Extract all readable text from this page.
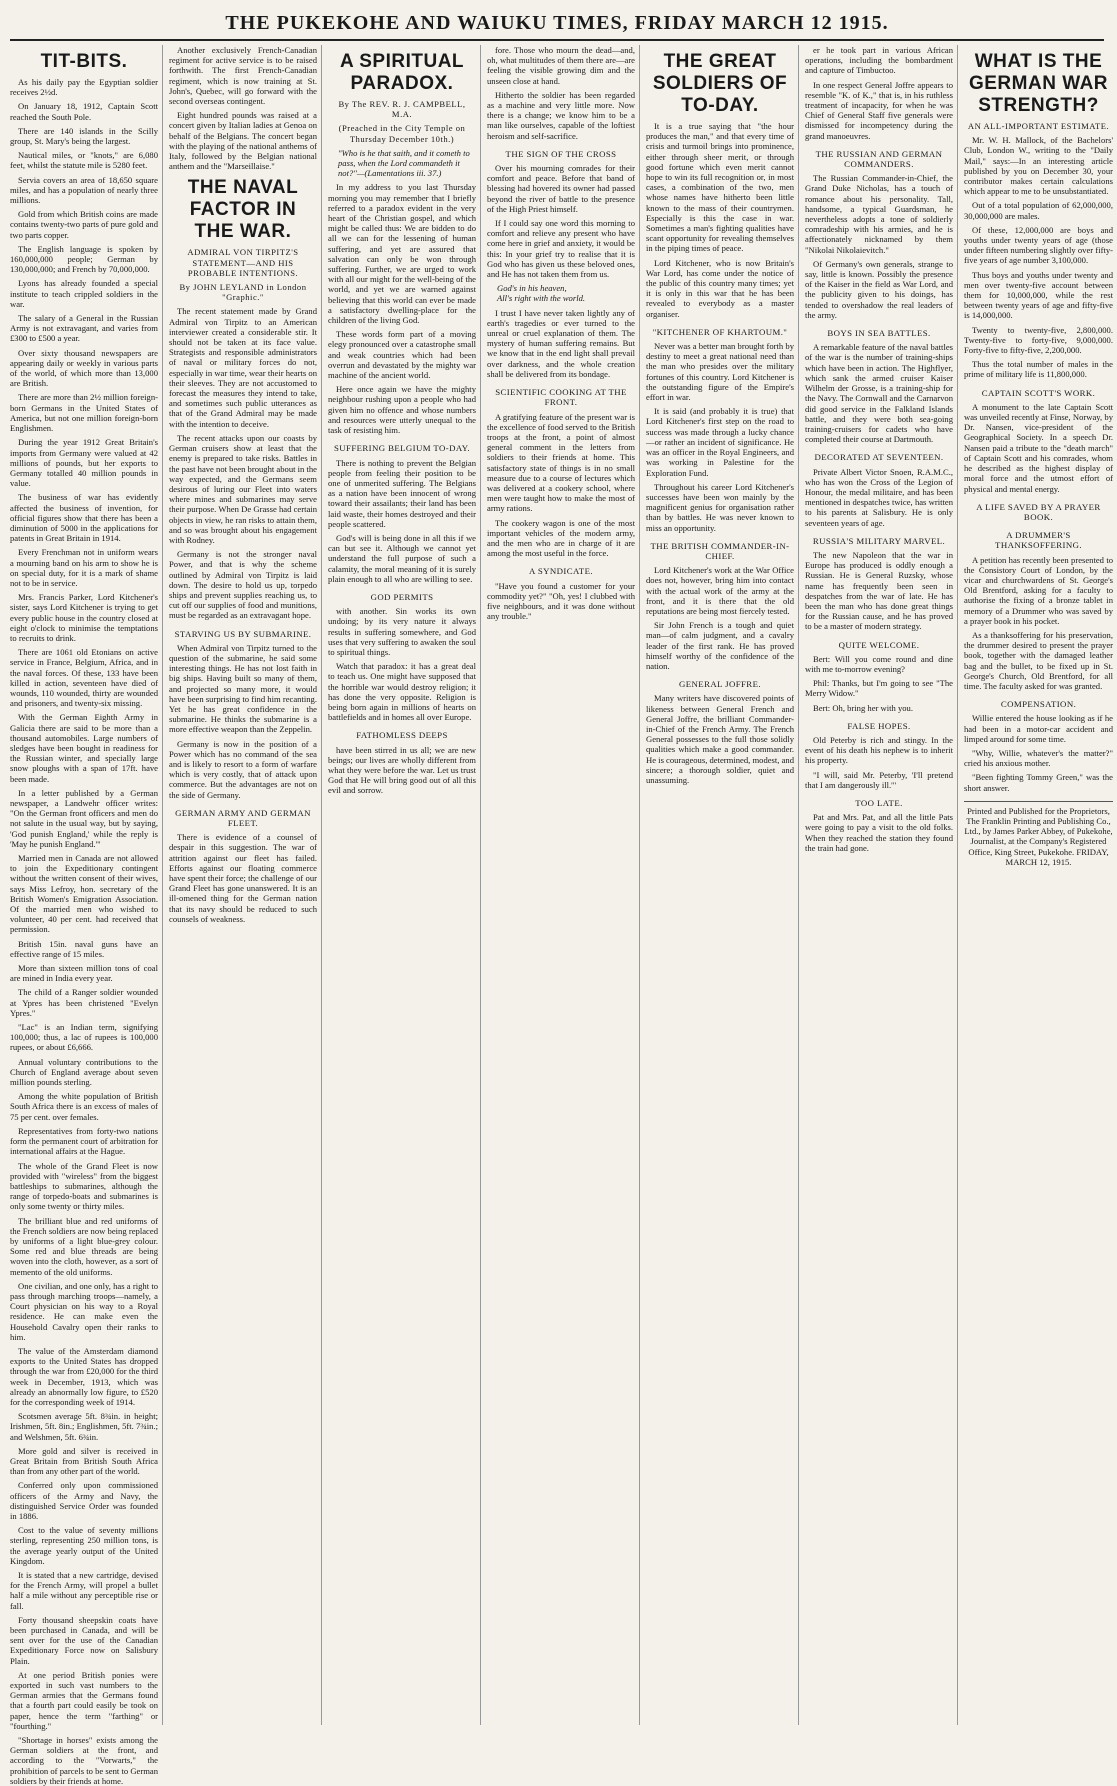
THE PUKEKOHE AND WAIUKU TIMES, FRIDAY MARCH 12 1915.
TIT-BITS.

As his daily pay the Egyptian soldier receives 2½d.

On January 18, 1912, Captain Scott reached the South Pole.

There are 140 islands in the Scilly group, St. Mary's being the largest.

Nautical miles, or "knots," are 6,080 feet, whilst the statute mile is 5280 feet.

Servia covers an area of 18,650 square miles, and has a population of nearly three millions.

Gold from which British coins are made contains twenty-two parts of pure gold and two parts copper.

The English language is spoken by 160,000,000 people; German by 130,000,000; and French by 70,000,000.

Lyons has already founded a special institute to teach crippled soldiers in the war.

The salary of a General in the Russian Army is not extravagant, and varies from £300 to £500 a year.

Over sixty thousand newspapers are appearing daily or weekly in various parts of the world, of which more than 13,000 are British.

There are more than 2½ million foreign-born Germans in the United States of America, but not one million foreign-born Englishmen.

During the year 1912 Great Britain's imports from Germany were valued at 42 millions of pounds, but her exports to Germany totalled 40 million pounds in value.

The business of war has evidently affected the business of invention, for official figures show that there has been a diminution of 5000 in the applications for patents in Great Britain in 1914.

Every Frenchman not in uniform wears a mourning band on his arm to show he is on special duty, for it is a mark of shame not to be in service.

Mrs. Francis Parker, Lord Kitchener's sister, says Lord Kitchener is trying to get every public house in the country closed at eight o'clock to minimise the temptations to recruits to drink.

There are 1061 old Etonians on active service in France, Belgium, Africa, and in the naval forces. Of these, 133 have been killed in action, seventeen have died of wounds, 110 wounded, thirty are wounded and prisoners, and twenty-six missing.

With the German Eighth Army in Galicia there are said to be more than a thousand automobiles. Large numbers of sledges have been bought in readiness for the Russian winter, and specially large snow ploughs with a span of 17ft. have been made.

In a letter published by a German newspaper, a Landwehr officer writes: "On the German front officers and men do not salute in the usual way, but by saying, 'God punish England,' while the reply is 'May he punish England.'"

Married men in Canada are not allowed to join the Expeditionary contingent without the written consent of their wives, says Miss Lefroy, hon. secretary of the British Women's Emigration Association. Of the married men who wished to volunteer, 40 per cent. had received that permission.

British 15in. naval guns have an effective range of 15 miles.

More than sixteen million tons of coal are mined in India every year.

The child of a Ranger soldier wounded at Ypres has been christened "Evelyn Ypres."

"Lac" is an Indian term, signifying 100,000; thus, a lac of rupees is 100,000 rupees, or about £6,666.

Annual voluntary contributions to the Church of England average about seven million pounds sterling.

Among the white population of British South Africa there is an excess of males of 75 per cent. over females.

Representatives from forty-two nations form the permanent court of arbitration for international affairs at the Hague.

The whole of the Grand Fleet is now provided with "wireless" from the biggest battleships to submarines, although the range of torpedo-boats and submarines is only some twenty or thirty miles.

The brilliant blue and red uniforms of the French soldiers are now being replaced by uniforms of a light blue-grey colour. Some red and blue threads are being woven into the cloth, however, as a sort of memento of the old uniforms.

One civilian, and one only, has a right to pass through marching troops—namely, a Court physician on his way to a Royal residence. He can make even the Household Cavalry open their ranks to him.

The value of the Amsterdam diamond exports to the United States has dropped through the war from £20,000 for the third week in December, 1913, which was already an abnormally low figure, to £520 for the corresponding week of 1914.

Scotsmen average 5ft. 8¾in. in height; Irishmen, 5ft. 8in.; Englishmen, 5ft. 7¾in.; and Welshmen, 5ft. 6¾in.

More gold and silver is received in Great Britain from British South Africa than from any other part of the world.

Conferred only upon commissioned officers of the Army and Navy, the distinguished Service Order was founded in 1886.

Cost to the value of seventy millions sterling, representing 250 million tons, is the average yearly output of the United Kingdom.

It is stated that a new cartridge, devised for the French Army, will propel a bullet half a mile without any perceptible rise or fall.

Forty thousand sheepskin coats have been purchased in Canada, and will be sent over for the use of the Canadian Expeditionary Force now on Salisbury Plain.

At one period British ponies were exported in such vast numbers to the German armies that the Germans found that a fourth part could easily be took on paper, hence the term "farthing" or "fourthing."

"Shortage in horses" exists among the German soldiers at the front, and according to the "Vorwarts," the prohibition of parcels to be sent to German soldiers by their friends at home.

Another exclusively French-Canadian regiment for active service is to be raised forthwith. The first French-Canadian regiment, which is now training at St. John's, Quebec, will go forward with the second overseas contingent.

Eight hundred pounds was raised at a concert given by Italian ladies at Genoa on behalf of the Belgians. The concert began with the playing of the national anthems of Italy, followed by the Belgian national anthem and the "Marseillaise."

THE NAVAL FACTOR IN THE WAR.
ADMIRAL VON TIRPITZ'S STATEMENT—AND HIS PROBABLE INTENTIONS.
By JOHN LEYLAND in London "Graphic."

The recent statement made by Grand Admiral von Tirpitz to an American interviewer created a considerable stir. It should not be taken at its face value. Strategists and responsible administrators of naval or military forces do not, especially in war time, wear their hearts on their sleeves. They are not accustomed to forecast the measures they intend to take, and sometimes such public utterances as that of the Grand Admiral may be made with the intention to deceive.

The recent attacks upon our coasts by German cruisers show at least that the enemy is prepared to take risks. Battles in the past have not been brought about in the way expected, and the Germans seem desirous of luring our Fleet into waters where mines and submarines may serve their purpose. When De Grasse had certain objects in view, he ran risks to attain them, and so was brought about his engagement with Rodney.

Germany is not the stronger naval Power, and that is why the scheme outlined by Admiral von Tirpitz is laid down. The desire to hold us up, torpedo ships and prevent supplies reaching us, to cut off our supplies of food and munitions, must be regarded as an extravagant hope.

STARVING US BY SUBMARINE.

When Admiral von Tirpitz turned to the question of the submarine, he said some interesting things. He has not lost faith in big ships. Having built so many of them, and projected so many more, it would have been surprising to find him recanting. Yet he has great confidence in the submarine. He thinks the submarine is a more effective weapon than the Zeppelin.

Germany is now in the position of a Power which has no command of the sea and is likely to resort to a form of warfare which is very costly, that of attack upon commerce. But the advantages are not on the side of Germany.

GERMAN ARMY AND GERMAN FLEET.

There is evidence of a counsel of despair in this suggestion. The war of attrition against our fleet has failed. Efforts against our floating commerce have spent their force; the challenge of our Grand Fleet has gone unanswered. It is an ill-omened thing for the German nation that its navy should be reduced to such counsels of weakness.

A SPIRITUAL PARADOX.
By The REV. R. J. CAMPBELL, M.A.
(Preached in the City Temple on Thursday December 10th.)
"Who is he that saith, and it cometh to pass, when the Lord commandeth it not?"—(Lamentations iii. 37.)

In my address to you last Thursday morning you may remember that I briefly referred to a paradox evident in the very heart of the Christian gospel, and which might be called thus: We are bidden to do all we can for the lessening of human suffering, and yet are assured that salvation can only be won through suffering. Further, we are urged to work with all our might for the well-being of the world, and yet we are warned against believing that this world can ever be made a satisfactory dwelling-place for the children of the living God.

These words form part of a moving elegy pronounced over a catastrophe small and weak countries which had been overrun and devastated by the mighty war machine of the ancient world.

Here once again we have the mighty neighbour rushing upon a people who had given him no offence and whose numbers and resources were utterly unequal to the task of resisting him.

SUFFERING BELGIUM TO-DAY.

There is nothing to prevent the Belgian people from feeling their position to be one of unmerited suffering. The Belgians as a nation have been innocent of wrong toward their assailants; their land has been laid waste, their homes destroyed and their people scattered.

God's will is being done in all this if we can but see it. Although we cannot yet understand the full purpose of such a calamity, the moral meaning of it is surely plain enough to all who are willing to see.

GOD PERMITS

with another. Sin works its own undoing; by its very nature it always results in suffering somewhere, and God uses that very suffering to awaken the soul to spiritual things.

Watch that paradox: it has a great deal to teach us. One might have supposed that the horrible war would destroy religion; it has done the very opposite. Religion is being born again in millions of hearts on battlefields and in homes all over Europe.

FATHOMLESS DEEPS

have been stirred in us all; we are new beings; our lives are wholly different from what they were before the war. Let us trust God that He will bring good out of all this evil and sorrow.

fore. Those who mourn the dead—and, oh, what multitudes of them there are—are feeling the visible growing dim and the unseen close at hand.

Hitherto the soldier has been regarded as a machine and very little more. Now there is a change; we know him to be a man like ourselves, capable of the loftiest heroism and self-sacrifice.

THE SIGN OF THE CROSS

Over his mourning comrades for their comfort and peace. Before that band of blessing had hovered its owner had passed beyond the river of battle to the presence of the High Priest himself.

If I could say one word this morning to comfort and relieve any present who have come here in grief and anxiety, it would be this: In your grief try to realise that it is God who has given us these beloved ones, and He has not taken them from us.

God's in his heaven,
All's right with the world.

I trust I have never taken lightly any of earth's tragedies or ever turned to the unreal or cruel explanation of them. The mystery of human suffering remains. But we know that in the end light shall prevail over darkness, and the whole creation shall be delivered from its bondage.

SCIENTIFIC COOKING AT THE FRONT.

A gratifying feature of the present war is the excellence of food served to the British troops at the front, a point of almost general comment in the letters from soldiers to their friends at home. This satisfactory state of things is in no small measure due to a course of lectures which was delivered at a cookery school, where men were taught how to make the most of army rations.

The cookery wagon is one of the most important vehicles of the modern army, and the men who are in charge of it are among the most useful in the force.

A SYNDICATE.

"Have you found a customer for your commodity yet?" "Oh, yes! I clubbed with five neighbours, and it was done without any trouble."

THE GREAT SOLDIERS OF TO-DAY.

It is a true saying that "the hour produces the man," and that every time of crisis and turmoil brings into prominence, either through sheer merit, or through good fortune which even merit cannot hope to win its full recognition or, in most cases, a combination of the two, men whose names have hitherto been little known to the mass of their countrymen. Especially is this the case in war. Sometimes a man's fighting qualities have scant opportunity for revealing themselves in the piping times of peace.

Lord Kitchener, who is now Britain's War Lord, has come under the notice of the public of this country many times; yet it is only in this war that he has been revealed to everybody as a master organiser.

"KITCHENER OF KHARTOUM."

Never was a better man brought forth by destiny to meet a great national need than the man who presides over the military fortunes of this country. Lord Kitchener is the outstanding figure of the Empire's effort in war.

It is said (and probably it is true) that Lord Kitchener's first step on the road to success was made through a lucky chance—or rather an incident of significance. He was an officer in the Royal Engineers, and was working in Palestine for the Exploration Fund.

Throughout his career Lord Kitchener's successes have been won mainly by the magnificent genius for organisation rather than by battles. He was never known to miss an opportunity.

THE BRITISH COMMANDER-IN-CHIEF.

Lord Kitchener's work at the War Office does not, however, bring him into contact with the actual work of the army at the front, and it is there that the old reputations are being most fiercely tested.

Sir John French is a tough and quiet man—of calm judgment, and a cavalry leader of the first rank. He has proved himself worthy of the confidence of the nation.

GENERAL JOFFRE.

Many writers have discovered points of likeness between General French and General Joffre, the brilliant Commander-in-Chief of the French Army. The French General possesses to the full those solidly qualities which make a good commander. He is courageous, determined, modest, and sincere; a thorough soldier, quiet and unassuming.

er he took part in various African operations, including the bombardment and capture of Timbuctoo.

In one respect General Joffre appears to resemble "K. of K.," that is, in his ruthless treatment of incapacity, for when he was Chief of General Staff five generals were dismissed for incompetency during the grand manoeuvres.

THE RUSSIAN AND GERMAN COMMANDERS.

The Russian Commander-in-Chief, the Grand Duke Nicholas, has a touch of romance about his personality. Tall, handsome, a typical Guardsman, he nevertheless adopts a tone of soldierly comradeship with his armies, and he is affectionately nicknamed by them "Nikolai Nikolaievitch."

Of Germany's own generals, strange to say, little is known. Possibly the presence of the Kaiser in the field as War Lord, and the publicity given to his doings, has tended to overshadow the real leaders of the army.

BOYS IN SEA BATTLES.

A remarkable feature of the naval battles of the war is the number of training-ships which have been in action. The Highflyer, which sank the armed cruiser Kaiser Wilhelm der Grosse, is a training-ship for the Navy. The Cornwall and the Carnarvon did good service in the Falkland Islands battle, and they were both sea-going training-cruisers for cadets who have completed their course at Dartmouth.

DECORATED AT SEVENTEEN.

Private Albert Victor Snoen, R.A.M.C., who has won the Cross of the Legion of Honour, the medal militaire, and has been mentioned in despatches twice, has written to his parents at Salisbury. He is only seventeen years of age.

RUSSIA'S MILITARY MARVEL.

The new Napoleon that the war in Europe has produced is oddly enough a Russian. He is General Ruzsky, whose name has frequently been seen in despatches from the war of late. He has been the man who has done great things for the Russian cause, and he has proved to be a master of modern strategy.

QUITE WELCOME.

Bert: Will you come round and dine with me to-morrow evening?

Phil: Thanks, but I'm going to see "The Merry Widow."

Bert: Oh, bring her with you.

FALSE HOPES.

Old Peterby is rich and stingy. In the event of his death his nephew is to inherit his property.

"I will, said Mr. Peterby, 'I'll pretend that I am dangerously ill.'"

TOO LATE.

Pat and Mrs. Pat, and all the little Pats were going to pay a visit to the old folks. When they reached the station they found the train had gone.

WHAT IS THE GERMAN WAR STRENGTH?
AN ALL-IMPORTANT ESTIMATE.

Mr. W. H. Mallock, of the Bachelors' Club, London W., writing to the "Daily Mail," says:—In an interesting article published by you on December 30, your contributor makes certain calculations which appear to me to be unsubstantiated.

Out of a total population of 62,000,000, 30,000,000 are males.

Of these, 12,000,000 are boys and youths under twenty years of age (those under fifteen numbering slightly over fifty-five years of age number 3,100,000.

Thus boys and youths under twenty and men over twenty-five account between them for 10,000,000, while the rest between twenty years of age and fifty-five is 14,000,000.

Twenty to twenty-five, 2,800,000. Twenty-five to forty-five, 9,000,000. Forty-five to fifty-five, 2,200,000.

Thus the total number of males in the prime of military life is 11,800,000.

CAPTAIN SCOTT'S WORK.

A monument to the late Captain Scott was unveiled recently at Finse, Norway, by Dr. Nansen, vice-president of the Geographical Society. In a speech Dr. Nansen paid a tribute to the "death march" of Captain Scott and his comrades, whom he described as the highest display of moral force and the utmost effort of physical and mental energy.

A LIFE SAVED BY A PRAYER BOOK.
A DRUMMER'S THANKSOFFERING.

A petition has recently been presented to the Consistory Court of London, by the vicar and churchwardens of St. George's Old Brentford, asking for a faculty to authorise the fixing of a bronze tablet in memory of a Drummer who was saved by a prayer book in his pocket.

As a thanksoffering for his preservation, the drummer desired to present the prayer book, together with the damaged leather bag and the bullet, to be fixed up in St. George's Church, Old Brentford, for all time. The faculty asked for was granted.

COMPENSATION.

Willie entered the house looking as if he had been in a motor-car accident and limped around for some time.

"Why, Willie, whatever's the matter?" cried his anxious mother.

"Been fighting Tommy Green," was the short answer.

Printed and Published for the Proprietors, The Franklin Printing and Publishing Co., Ltd., by James Parker Abbey, of Pukekohe, Journalist, at the Company's Registered Office, King Street, Pukekohe. FRIDAY, MARCH 12, 1915.
